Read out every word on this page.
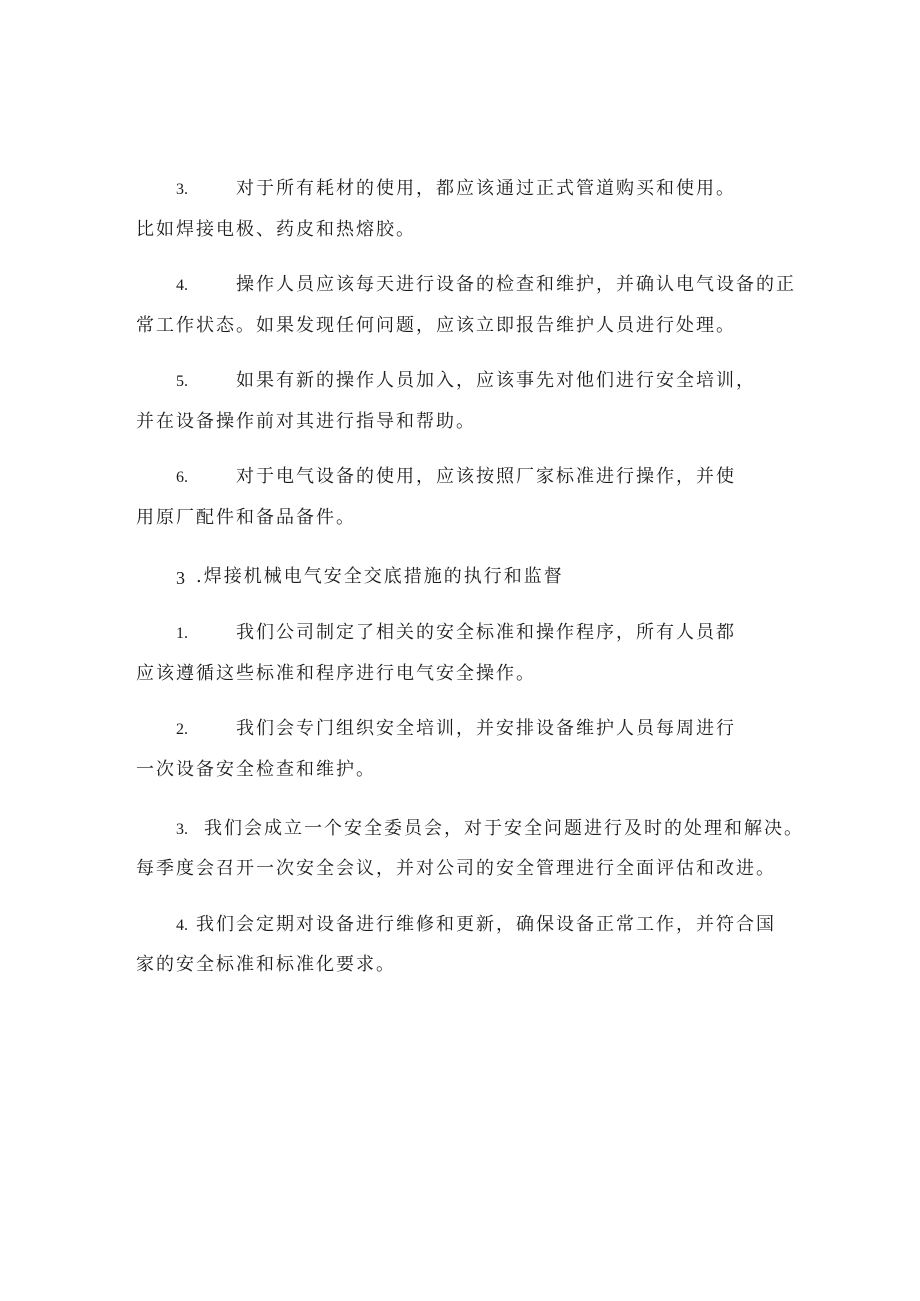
3.	对于所有耗材的使用，都应该通过正式管道购买和使用。
比如焊接电极、药皮和热熔胶。
4.	操作人员应该每天进行设备的检查和维护，并确认电气设备的正
常工作状态。如果发现任何问题，应该立即报告维护人员进行处理。
5.	如果有新的操作人员加入，应该事先对他们进行安全培训，
并在设备操作前对其进行指导和帮助。
6.	对于电气设备的使用，应该按照厂家标准进行操作，并使
用原厂配件和备品备件。
3 .焊接机械电气安全交底措施的执行和监督
1.	我们公司制定了相关的安全标准和操作程序，所有人员都
应该遵循这些标准和程序进行电气安全操作。
2.	我们会专门组织安全培训，并安排设备维护人员每周进行
一次设备安全检查和维护。
3. 我们会成立一个安全委员会，对于安全问题进行及时的处理和解决。
每季度会召开一次安全会议，并对公司的安全管理进行全面评估和改进。
4. 我们会定期对设备进行维修和更新，确保设备正常工作，并符合国
家的安全标准和标准化要求。
